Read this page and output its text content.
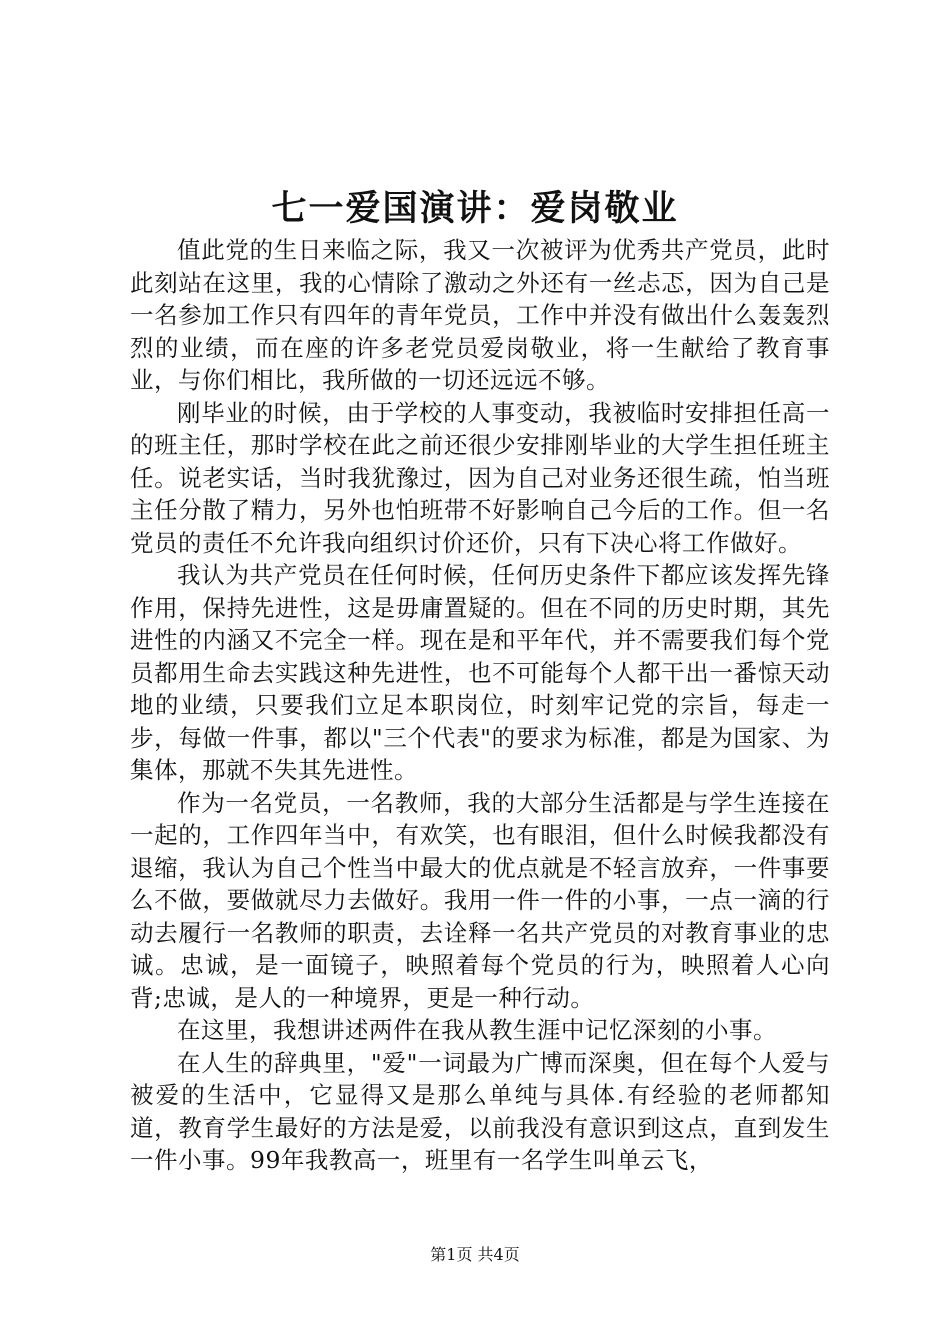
七一爱国演讲：爱岗敬业

值此党的生日来临之际，我又一次被评为优秀共产党员，此时此刻站在这里，我的心情除了激动之外还有一丝忐忑，因为自己是一名参加工作只有四年的青年党员，工作中并没有做出什么轰轰烈烈的业绩，而在座的许多老党员爱岗敬业，将一生献给了教育事业，与你们相比，我所做的一切还远远不够。

刚毕业的时候，由于学校的人事变动，我被临时安排担任高一的班主任，那时学校在此之前还很少安排刚毕业的大学生担任班主任。说老实话，当时我犹豫过，因为自己对业务还很生疏，怕当班主任分散了精力，另外也怕班带不好影响自己今后的工作。但一名党员的责任不允许我向组织讨价还价，只有下决心将工作做好。

我认为共产党员在任何时候，任何历史条件下都应该发挥先锋作用，保持先进性，这是毋庸置疑的。但在不同的历史时期，其先进性的内涵又不完全一样。现在是和平年代，并不需要我们每个党员都用生命去实践这种先进性，也不可能每个人都干出一番惊天动地的业绩，只要我们立足本职岗位，时刻牢记党的宗旨，每走一步，每做一件事，都以"三个代表"的要求为标准，都是为国家、为集体，那就不失其先进性。

作为一名党员，一名教师，我的大部分生活都是与学生连接在一起的，工作四年当中，有欢笑，也有眼泪，但什么时候我都没有退缩，我认为自己个性当中最大的优点就是不轻言放弃，一件事要么不做，要做就尽力去做好。我用一件一件的小事，一点一滴的行动去履行一名教师的职责，去诠释一名共产党员的对教育事业的忠诚。忠诚，是一面镜子，映照着每个党员的行为，映照着人心向背;忠诚，是人的一种境界，更是一种行动。

在这里，我想讲述两件在我从教生涯中记忆深刻的小事。

在人生的辞典里，"爱"一词最为广博而深奥，但在每个人爱与被爱的生活中，它显得又是那么单纯与具体.有经验的老师都知道，教育学生最好的方法是爱，以前我没有意识到这点，直到发生一件小事。99年我教高一，班里有一名学生叫单云飞，

第1页 共4页
